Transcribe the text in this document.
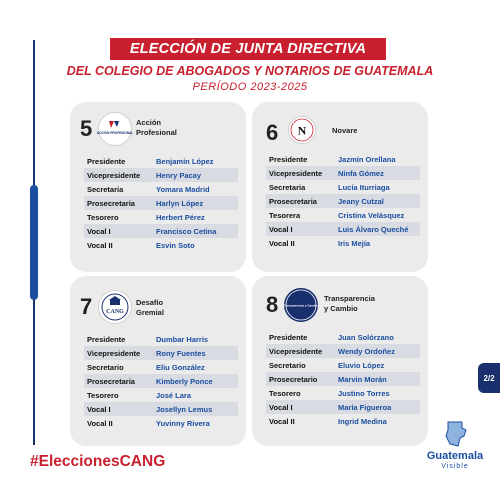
ELECCIÓN DE JUNTA DIRECTIVA
DEL COLEGIO DE ABOGADOS Y NOTARIOS DE GUATEMALA
PERÍODO 2023-2025
5 ACCIÓN PROFESIONAL
Acción
Profesional
Presidente	Benjamín López
Vicepresidente	Henry Pacay
Secretaria	Yomara Madrid
Prosecretaria	Harlyn López
Tesorero	Herbert Pérez
Vocal I	Francisco Cetina
Vocal II	Esvin Soto
6 N	Novare
Presidente	Jazmín Orellana
Vicepresidente	Ninfa Gómez
Secretaria	Lucía Iturriaga
Prosecretaria	Jeany Cutzal
Tesorera	Cristina Velásquez
Vocal I	Luis Álvaro Queché
Vocal II	Iris Mejía
7 CANG
Desafío
Gremial
Presidente	Dumbar Harris
Vicepresidente	Rony Fuentes
Secretario	Eliu González
Prosecretaria	Kimberly Ponce
Tesorero	José Lara
Vocal I	Josellyn Lemus
Vocal II	Yuvinny Rivera
8 Transparencia y Cambio
Transparencia
y Cambio
Presidente	Juan Solórzano
Vicepresidente	Wendy Ordoñez
Secretario	Eluvio López
Prosecretario	Marvin Morán
Tesorero	Justino Torres
Vocal I	María Figueroa
Vocal II	Ingrid Medina
2/2
#EleccionesCANG	Guatemala
Visible
